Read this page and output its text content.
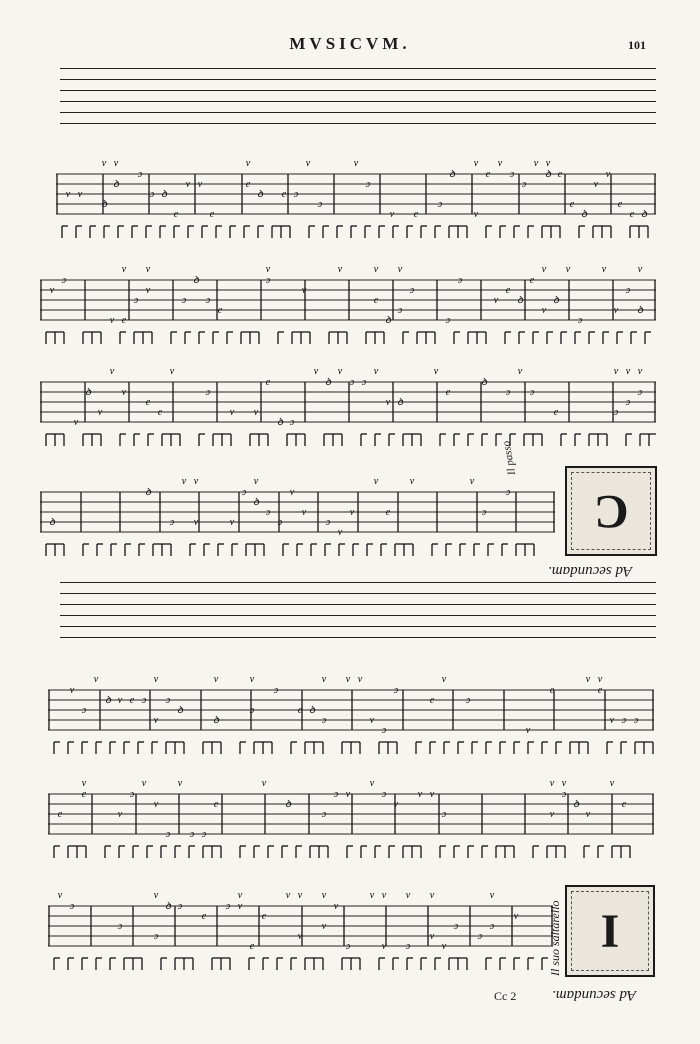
MVSICVM.	101
v v
ꝺ
v
ꝺ
v
ɔ
ɔ ꝺ
e
v v
e
e
v
ꝺ e ɔ
v
ɔ
v
ɔ
v e
ɔ
ꝺ
v
v
e
v
ɔ
ɔ
v
ꝺ
v
e
e
ꝺ
v
v
e
e ꝺ
v
ɔ
v e
v
ɔ
v
v
ɔ
ꝺ
ɔ
e
ɔ
v
v
v
e
v
ꝺ
ɔ
v
ɔ
ɔ
ɔ
v
e
ꝺ
e
v
v
ꝺ
v
ɔ
v
v
ɔ
ꝺ
v
v
ꝺ
v
v
v
e
e
v
ɔ
v v
e
ꝺ ɔ
v
ꝺ
v
ɔ ɔ
v
v ꝺ
v
e
ꝺ
ɔ
v
ɔ
e	ɔ
v
ɔ
v
ɔ
v
ꝺ
ꝺ
ɔ
v
v
v
v
ɔ
ꝺ
v
ɔ
ɔ
v
v
ɔ
v
v
v
e
v	v
ɔ
ɔ C
Ad secundam.
Il passo
v
ɔ
v
ꝺ v e ɔ
v
v
ɔ
ꝺ
ꝺ
v
ɔ
v
ɔ
e ꝺ
ɔ
v v v
v
ɔ
ɔ
e
v
ɔ
v
e
v
e
v
v ɔ ɔ
e
e
v
v
ɔ
v
v
ɔ
v
ɔ ɔ
e
v
ꝺ
ɔ
ɔ v
v
ɔ
v
v v
ɔ	v
v
ɔ
v
ꝺ
v
v
e
v
ɔ
ɔ
ɔ
v
ꝺ ɔ
e
ɔ v
v
e
e
v
v
v
v
v
v
ɔ
v
v
v
ɔ
v
v
v
v
ɔ
ɔ
ɔ
v
v I
Il suo saltarello
Cc 2 Ad secundam.
